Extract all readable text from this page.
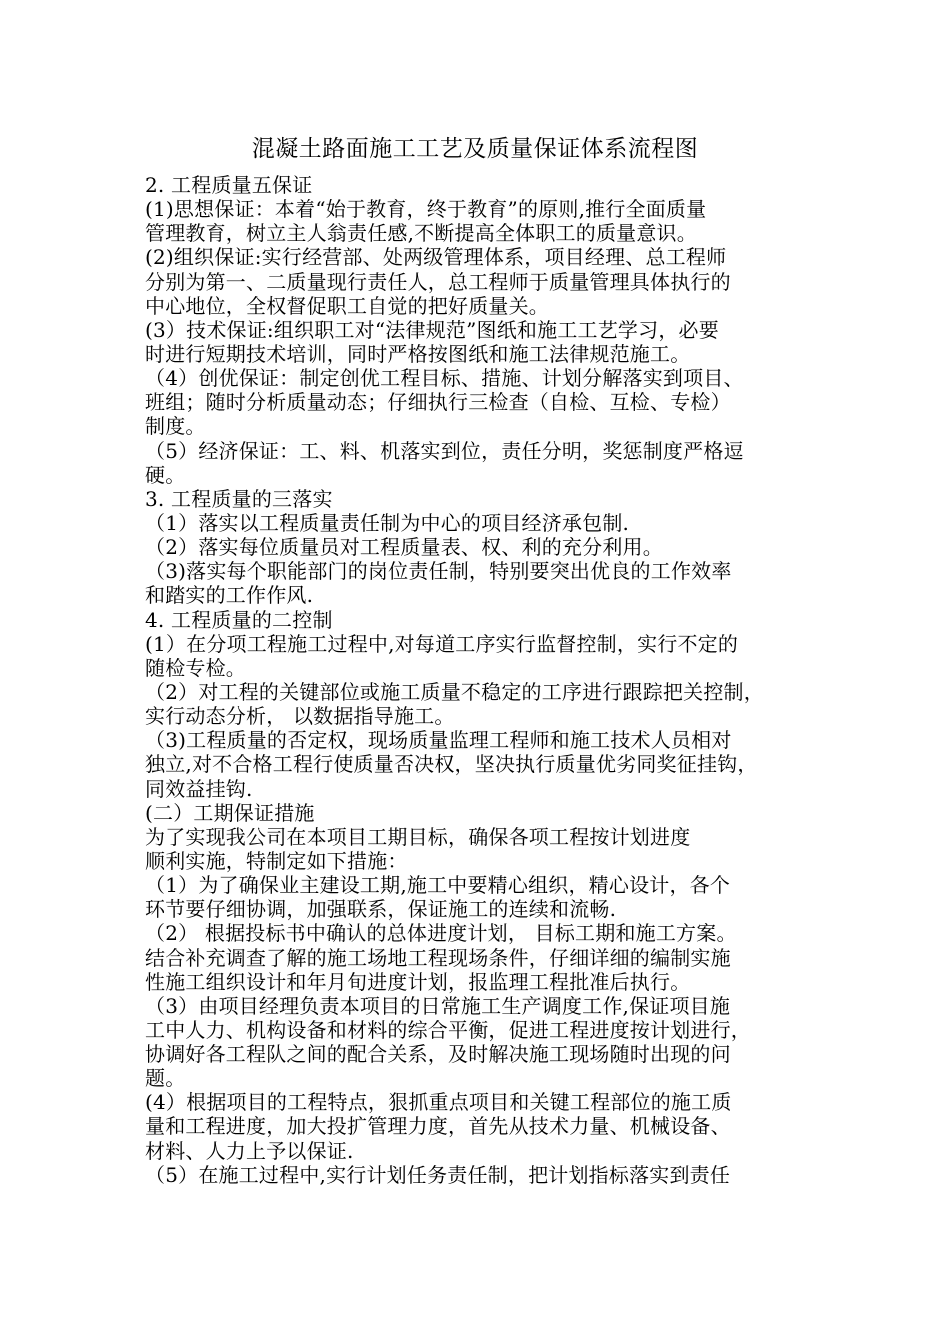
混凝土路面施工工艺及质量保证体系流程图
2. 工程质量五保证
(1)思想保证：本着“始于教育，终于教育”的原则,推行全面质量
管理教育，树立主人翁责任感,不断提高全体职工的质量意识。
(2)组织保证:实行经营部、处两级管理体系，项目经理、总工程师
分别为第一、二质量现行责任人，总工程师于质量管理具体执行的
中心地位，全权督促职工自觉的把好质量关。
(3）技术保证:组织职工对“法律规范”图纸和施工工艺学习，必要
时进行短期技术培训，同时严格按图纸和施工法律规范施工。
（4）创优保证：制定创优工程目标、措施、计划分解落实到项目、
班组；随时分析质量动态；仔细执行三检查（自检、互检、专检）
制度。
（5）经济保证：工、料、机落实到位，责任分明，奖惩制度严格逗
硬。
3. 工程质量的三落实
（1）落实以工程质量责任制为中心的项目经济承包制.
（2）落实每位质量员对工程质量表、权、利的充分利用。
（3)落实每个职能部门的岗位责任制，特别要突出优良的工作效率
和踏实的工作作风.
4. 工程质量的二控制
(1）在分项工程施工过程中,对每道工序实行监督控制，实行不定的
随检专检。
（2）对工程的关键部位或施工质量不稳定的工序进行跟踪把关控制，
实行动态分析， 以数据指导施工。
（3)工程质量的否定权，现场质量监理工程师和施工技术人员相对
独立,对不合格工程行使质量否决权，坚决执行质量优劣同奖征挂钩，
同效益挂钩.
(二）工期保证措施
为了实现我公司在本项目工期目标，确保各项工程按计划进度
顺利实施，特制定如下措施：
（1）为了确保业主建设工期,施工中要精心组织，精心设计，各个
环节要仔细协调，加强联系，保证施工的连续和流畅.
（2） 根据投标书中确认的总体进度计划， 目标工期和施工方案。
结合补充调查了解的施工场地工程现场条件，仔细详细的编制实施
性施工组织设计和年月旬进度计划，报监理工程批准后执行。
（3）由项目经理负责本项目的日常施工生产调度工作,保证项目施
工中人力、机构设备和材料的综合平衡，促进工程进度按计划进行，
协调好各工程队之间的配合关系，及时解决施工现场随时出现的问
题。
(4）根据项目的工程特点，狠抓重点项目和关键工程部位的施工质
量和工程进度，加大投扩管理力度，首先从技术力量、机械设备、
材料、人力上予以保证.
（5）在施工过程中,实行计划任务责任制，把计划指标落实到责任
